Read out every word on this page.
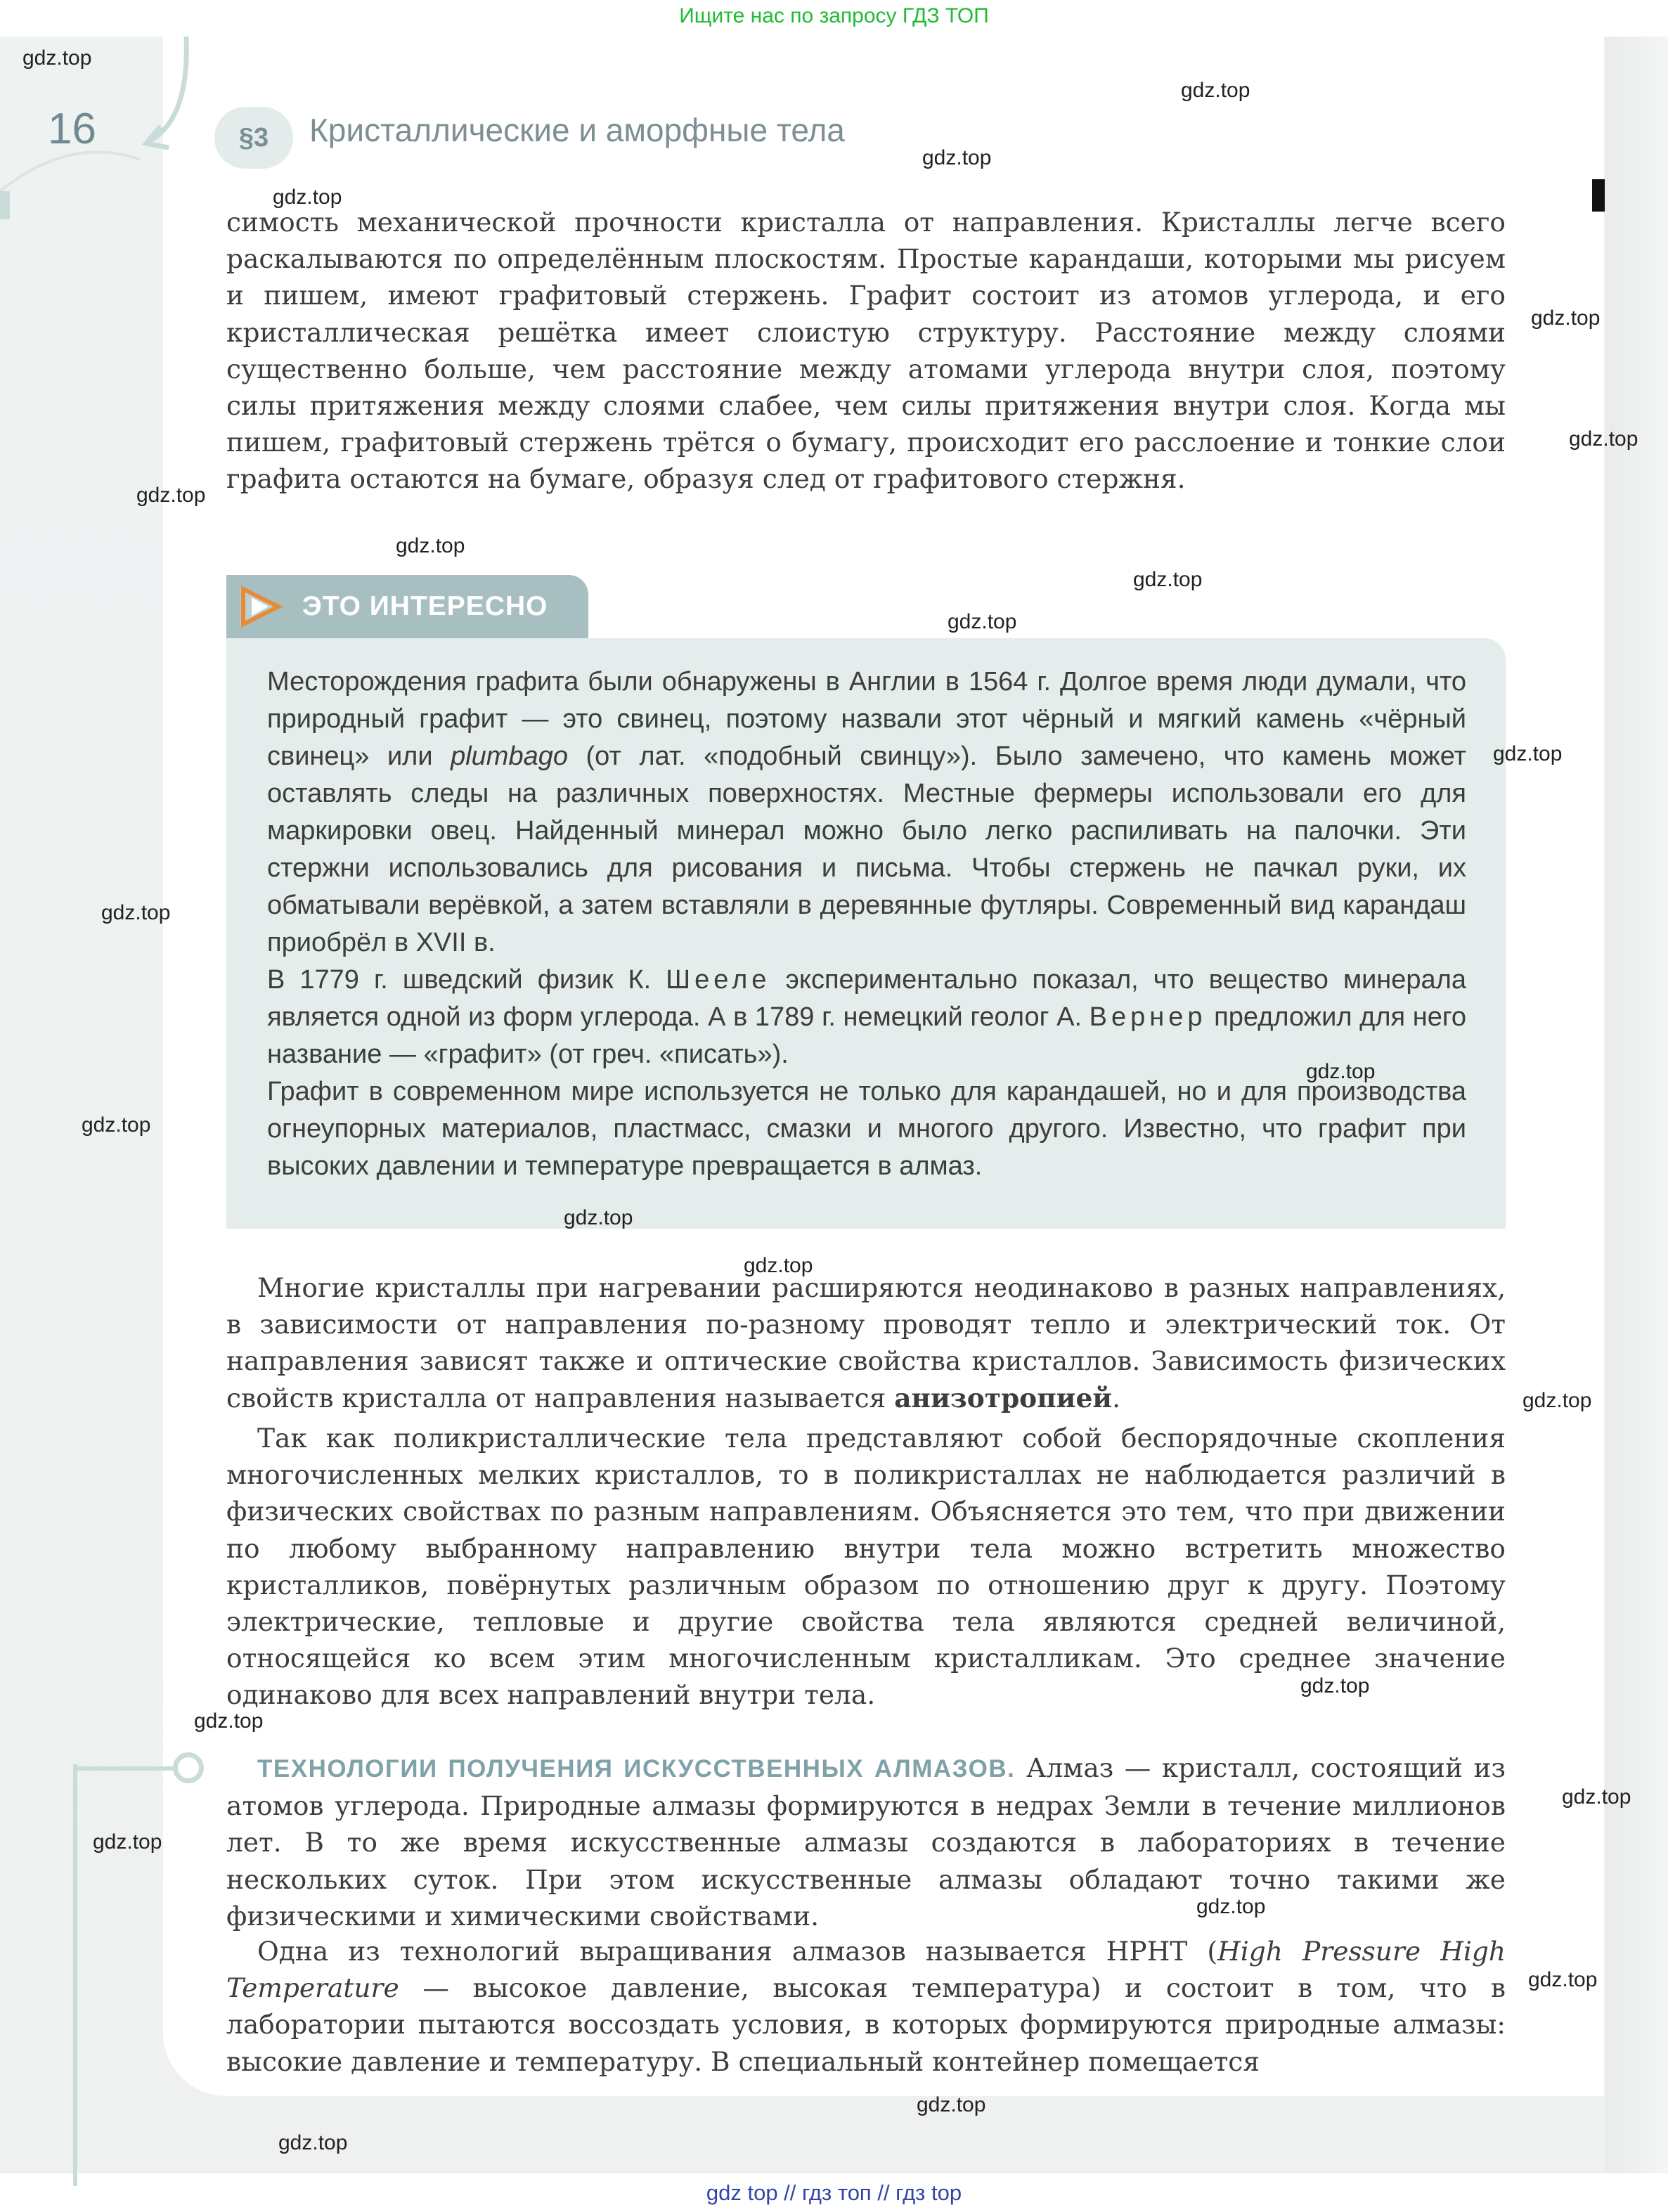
Ищите нас по запросу ГДЗ ТОП
16	§3	Кристаллические и аморфные тела
симость механической прочности кристалла от направления. Кристаллы легче всего раскалываются по определённым плоскостям. Простые карандаши, которыми мы рисуем и пишем, имеют графитовый стержень. Графит состоит из атомов углерода, и его кристаллическая решётка имеет слоистую структуру. Расстояние между слоями существенно больше, чем расстояние между атомами углерода внутри слоя, поэтому силы притяжения между слоями слабее, чем силы притяжения внутри слоя. Когда мы пишем, графитовый стержень трётся о бумагу, происходит его расслоение и тонкие слои графита остаются на бумаге, образуя след от графитового стержня.
ЭТО ИНТЕРЕСНО
Месторождения графита были обнаружены в Англии в 1564 г. Долгое время люди думали, что природный графит — это свинец, поэтому назвали этот чёрный и мягкий камень «чёрный свинец» или plumbago (от лат. «подобный свинцу»). Было замечено, что камень может оставлять следы на различных поверхностях. Местные фермеры использовали его для маркировки овец. Найденный минерал можно было легко распиливать на палочки. Эти стержни использовались для рисования и письма. Чтобы стержень не пачкал руки, их обматывали верёвкой, а затем вставляли в деревянные футляры. Современный вид карандаш приобрёл в XVII в.
В 1779 г. шведский физик К. Шееле экспериментально показал, что вещество минерала является одной из форм углерода. А в 1789 г. немецкий геолог А. Вернер предложил для него название — «графит» (от греч. «писать»).
Графит в современном мире используется не только для карандашей, но и для производства огнеупорных материалов, пластмасс, смазки и многого другого. Известно, что графит при высоких давлении и температуре превращается в алмаз.
Многие кристаллы при нагревании расширяются неодинаково в разных направлениях, в зависимости от направления по-разному проводят тепло и электрический ток. От направления зависят также и оптические свойства кристаллов. Зависимость физических свойств кристалла от направления называется анизотропией.
Так как поликристаллические тела представляют собой беспорядочные скопления многочисленных мелких кристаллов, то в поликристаллах не наблюдается различий в физических свойствах по разным направлениям. Объясняется это тем, что при движении по любому выбранному направлению внутри тела можно встретить множество кристалликов, повёрнутых различным образом по отношению друг к другу. Поэтому электрические, тепловые и другие свойства тела являются средней величиной, относящейся ко всем этим многочисленным кристалликам. Это среднее значение одинаково для всех направлений внутри тела.
ТЕХНОЛОГИИ ПОЛУЧЕНИЯ ИСКУССТВЕННЫХ АЛМАЗОВ. Алмаз — кристалл, состоящий из атомов углерода. Природные алмазы формируются в недрах Земли в течение миллионов лет. В то же время искусственные алмазы создаются в лабораториях в течение нескольких суток. При этом искусственные алмазы обладают точно такими же физическими и химическими свойствами.
Одна из технологий выращивания алмазов называется HPHT (High Pressure High Temperature — высокое давление, высокая температура) и состоит в том, что в лаборатории пытаются воссоздать условия, в которых формируются природные алмазы: высокие давление и температуру. В специальный контейнер помещается
gdz.top
gdz.top
gdz.top
gdz.top
gdz.top
gdz.top
gdz.top
gdz.top
gdz.top
gdz.top
gdz.top
gdz.top
gdz.top
gdz.top
gdz.top
gdz.top
gdz.top
gdz.top
gdz.top
gdz.top
gdz.top
gdz.top
gdz.top
gdz.top
gdz.top
gdz top // гдз топ // гдз top
